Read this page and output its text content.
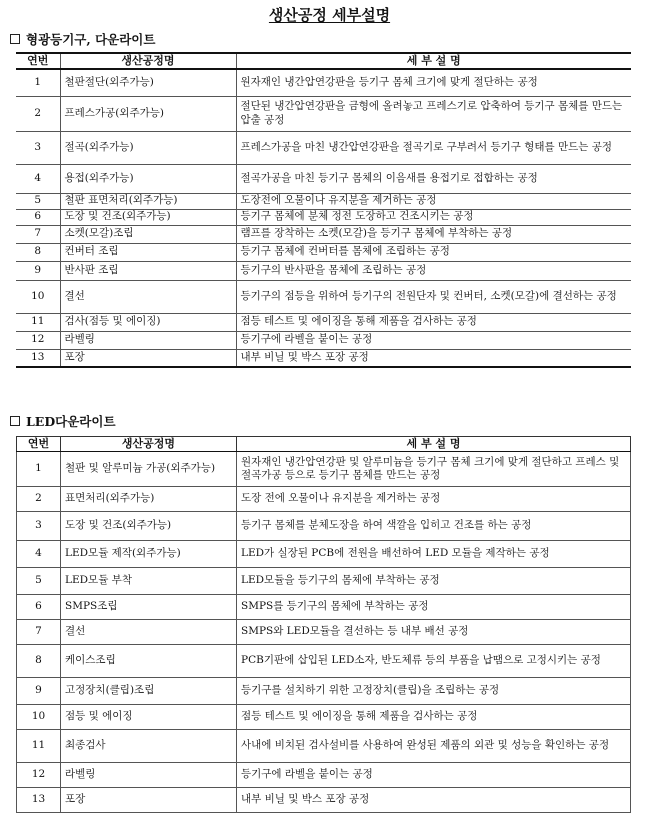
생산공정 세부설명
형광등기구, 다운라이트
연번	생산공정명	세 부 설 명
1	철판절단(외주가능)	원자재인 냉간압연강판을 등기구 몸체 크기에 맞게 절단하는 공정
2	프레스가공(외주가능)	절단된 냉간압연강판을 금형에 올려놓고 프레스기로 압축하여 등기구 몸체를 만드는 압출 공정
3	절곡(외주가능)	프레스가공을 마친 냉간압연강판을 절곡기로 구부려서 등기구 형태를 만드는 공정
4	용접(외주가능)	절곡가공을 마친 등기구 몸체의 이음새를 용접기로 접합하는 공정
5	철판 표면처리(외주가능)	도장전에 오물이나 유지분을 제거하는 공정
6	도장 및 건조(외주가능)	등기구 몸체에 분체 정전 도장하고 건조시키는 공정
7	소켓(모갈)조립	램프를 장착하는 소켓(모갈)을 등기구 몸체에 부착하는 공정
8	컨버터 조립	등기구 몸체에 컨버터를 몸체에 조립하는 공정
9	반사판 조립	등기구의 반사판을 몸체에 조립하는 공정
10	결선	등기구의 점등을 위하여 등기구의 전원단자 및 컨버터, 소켓(모갈)에 결선하는 공정
11	검사(점등 및 에이징)	점등 테스트 및 에이징을 통해 제품을 검사하는 공정
12	라벨링	등기구에 라벨을 붙이는 공정
13	포장	내부 비닐 및 박스 포장 공정
LED다운라이트
연번	생산공정명	세 부 설 명
1	철판 및 알루미늄 가공(외주가능)	원자재인 냉간압연강판 및 알루미늄을 등기구 몸체 크기에 맞게 절단하고 프레스 및 절곡가공 등으로 등기구 몸체를 만드는 공정
2	표면처리(외주가능)	도장 전에 오물이나 유지분을 제거하는 공정
3	도장 및 건조(외주가능)	등기구 몸체를 분체도장을 하여 색깔을 입히고 건조를 하는 공정
4	LED모듈 제작(외주가능)	LED가 실장된 PCB에 전원을 배선하여 LED 모듈을 제작하는 공정
5	LED모듈 부착	LED모듈을 등기구의 몸체에 부착하는 공정
6	SMPS조립	SMPS를 등기구의 몸체에 부착하는 공정
7	결선	SMPS와 LED모듈을 결선하는 등 내부 배선 공정
8	케이스조립	PCB기판에 삽입된 LED소자, 반도체류 등의 부품을 납땜으로 고정시키는 공정
9	고정장치(클립)조립	등기구를 설치하기 위한 고정장치(클립)을 조립하는 공정
10	점등 및 에이징	점등 테스트 및 에이징을 통해 제품을 검사하는 공정
11	최종검사	사내에 비치된 검사설비를 사용하여 완성된 제품의 외관 및 성능을 확인하는 공정
12	라벨링	등기구에 라벨을 붙이는 공정
13	포장	내부 비닐 및 박스 포장 공정
